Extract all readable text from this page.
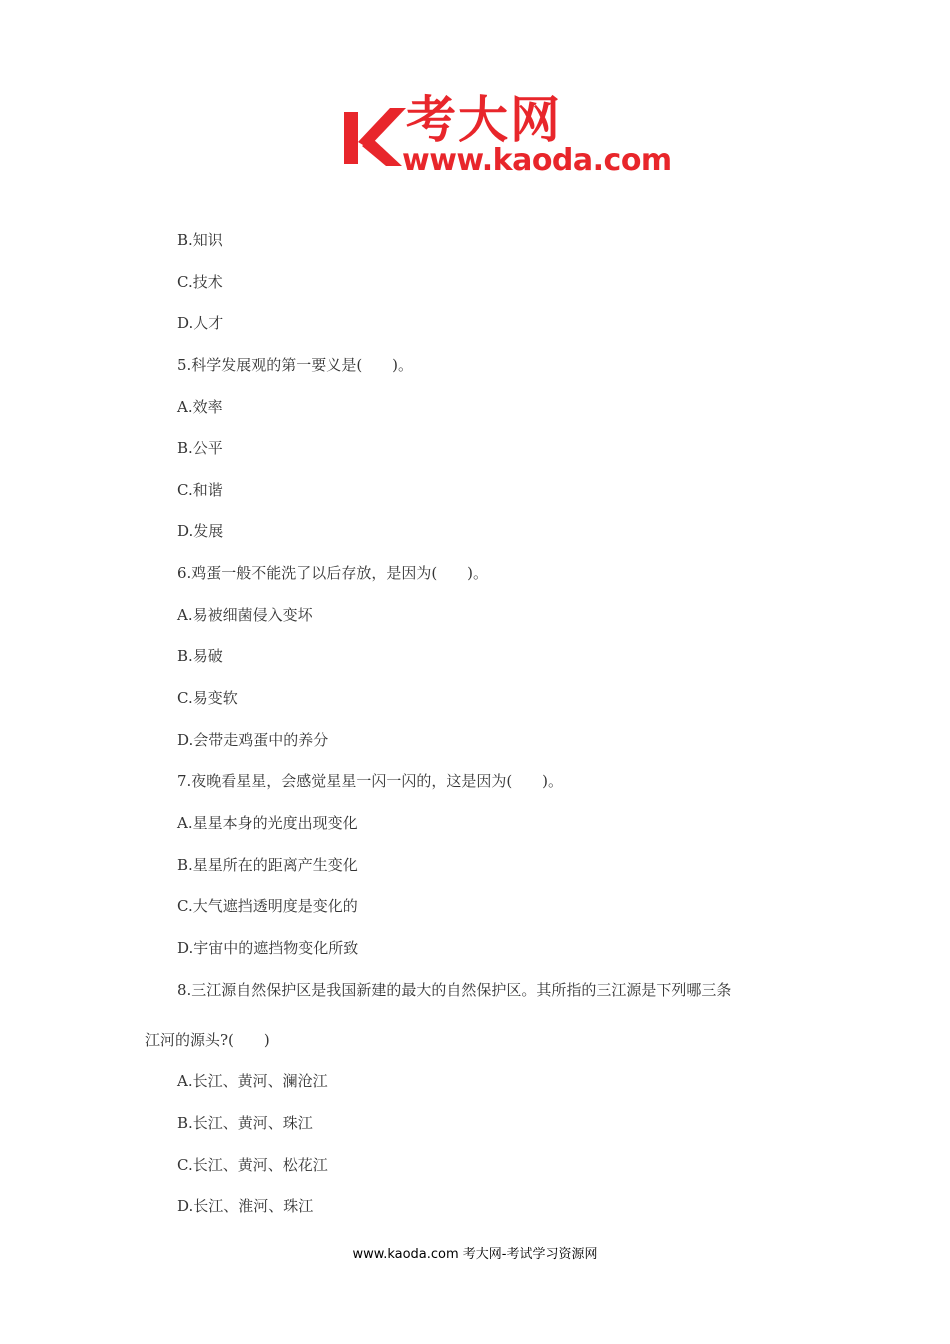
考大网
www.kaoda.com
B.知识
C.技术
D.人才
5.科学发展观的第一要义是(　　)。
A.效率
B.公平
C.和谐
D.发展
6.鸡蛋一般不能洗了以后存放，是因为(　　)。
A.易被细菌侵入变坏
B.易破
C.易变软
D.会带走鸡蛋中的养分
7.夜晚看星星，会感觉星星一闪一闪的，这是因为(　　)。
A.星星本身的光度出现变化
B.星星所在的距离产生变化
C.大气遮挡透明度是变化的
D.宇宙中的遮挡物变化所致
8.三江源自然保护区是我国新建的最大的自然保护区。其所指的三江源是下列哪三条
江河的源头?(　　)
A.长江、黄河、澜沧江
B.长江、黄河、珠江
C.长江、黄河、松花江
D.长江、淮河、珠江
www.kaoda.com 考大网-考试学习资源网
